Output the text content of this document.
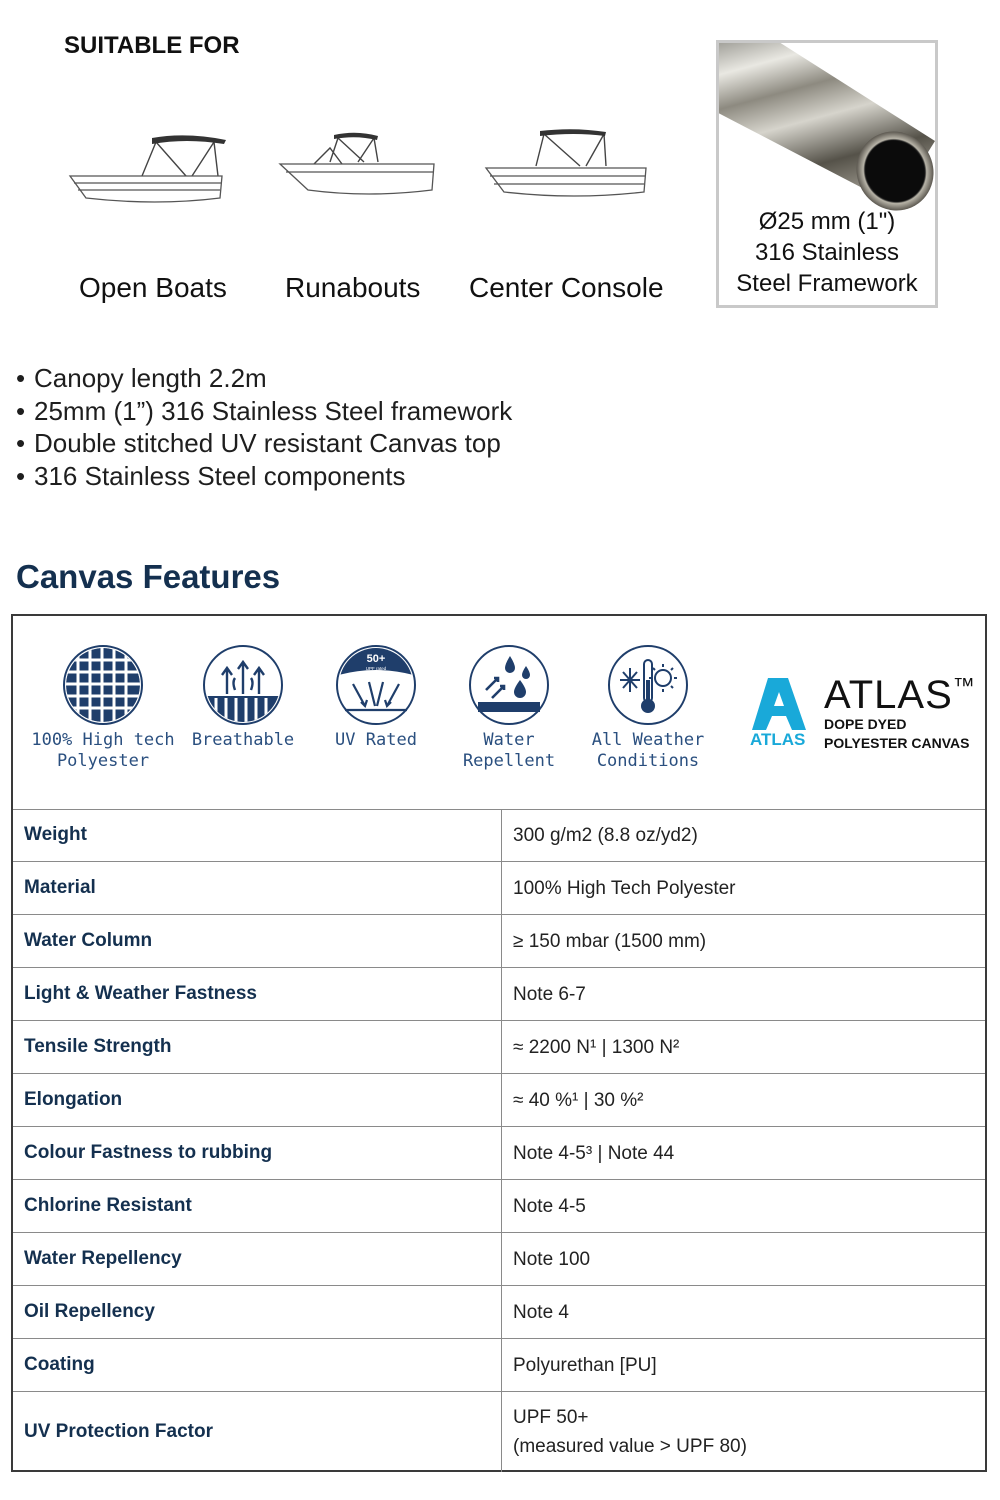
SUITABLE FOR
Open Boats Runabouts Center Console
Ø25 mm (1")
316 Stainless
Steel Framework
• Canopy length 2.2m
• 25mm (1”) 316 Stainless Steel framework
• Double stitched UV resistant Canvas top
• 316 Stainless Steel components
Canvas Features
100% High tech
Polyester
Breathable
50+
UPF rated
UV Rated	Water
Repellent
All Weather
Conditions
ATLAS
ATLAS™
DOPE DYED
POLYESTER CANVAS
Weight	300 g/m2 (8.8 oz/yd2)
Material	100% High Tech Polyester
Water Column	≥ 150 mbar (1500 mm)
Light & Weather Fastness	Note 6-7
Tensile Strength	≈ 2200 N¹ | 1300 N²
Elongation	≈ 40 %¹ | 30 %²
Colour Fastness to rubbing	Note 4-5³ | Note 44
Chlorine Resistant	Note 4-5
Water Repellency	Note 100
Oil Repellency	Note 4
Coating	Polyurethan [PU]
UV Protection Factor	UPF 50+
(measured value > UPF 80)
